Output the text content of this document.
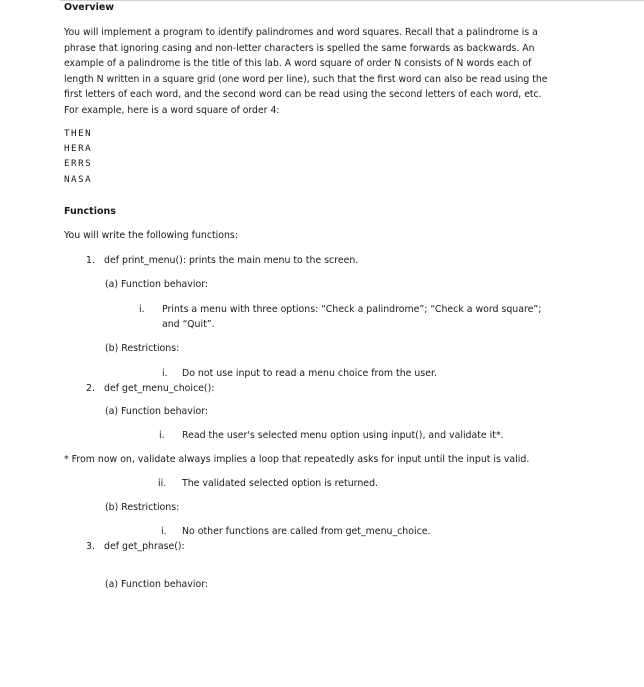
Overview
You will implement a program to identify palindromes and word squares. Recall that a palindrome is a
phrase that ignoring casing and non-letter characters is spelled the same forwards as backwards. An
example of a palindrome is the title of this lab. A word square of order N consists of N words each of
length N written in a square grid (one word per line), such that the first word can also be read using the
first letters of each word, and the second word can be read using the second letters of each word, etc.
For example, here is a word square of order 4:
THEN
HERA
ERRS
NASA
Functions
You will write the following functions:
1. def print_menu(): prints the main menu to the screen.
(a) Function behavior:
i. Prints a menu with three options: “Check a palindrome”; “Check a word square”;
and “Quit”.
(b) Restrictions:
i. Do not use input to read a menu choice from the user.
2. def get_menu_choice():
(a) Function behavior:
i. Read the user's selected menu option using input(), and validate it*.
* From now on, validate always implies a loop that repeatedly asks for input until the input is valid.
ii. The validated selected option is returned.
(b) Restrictions:
i. No other functions are called from get_menu_choice.
3. def get_phrase():
(a) Function behavior:
